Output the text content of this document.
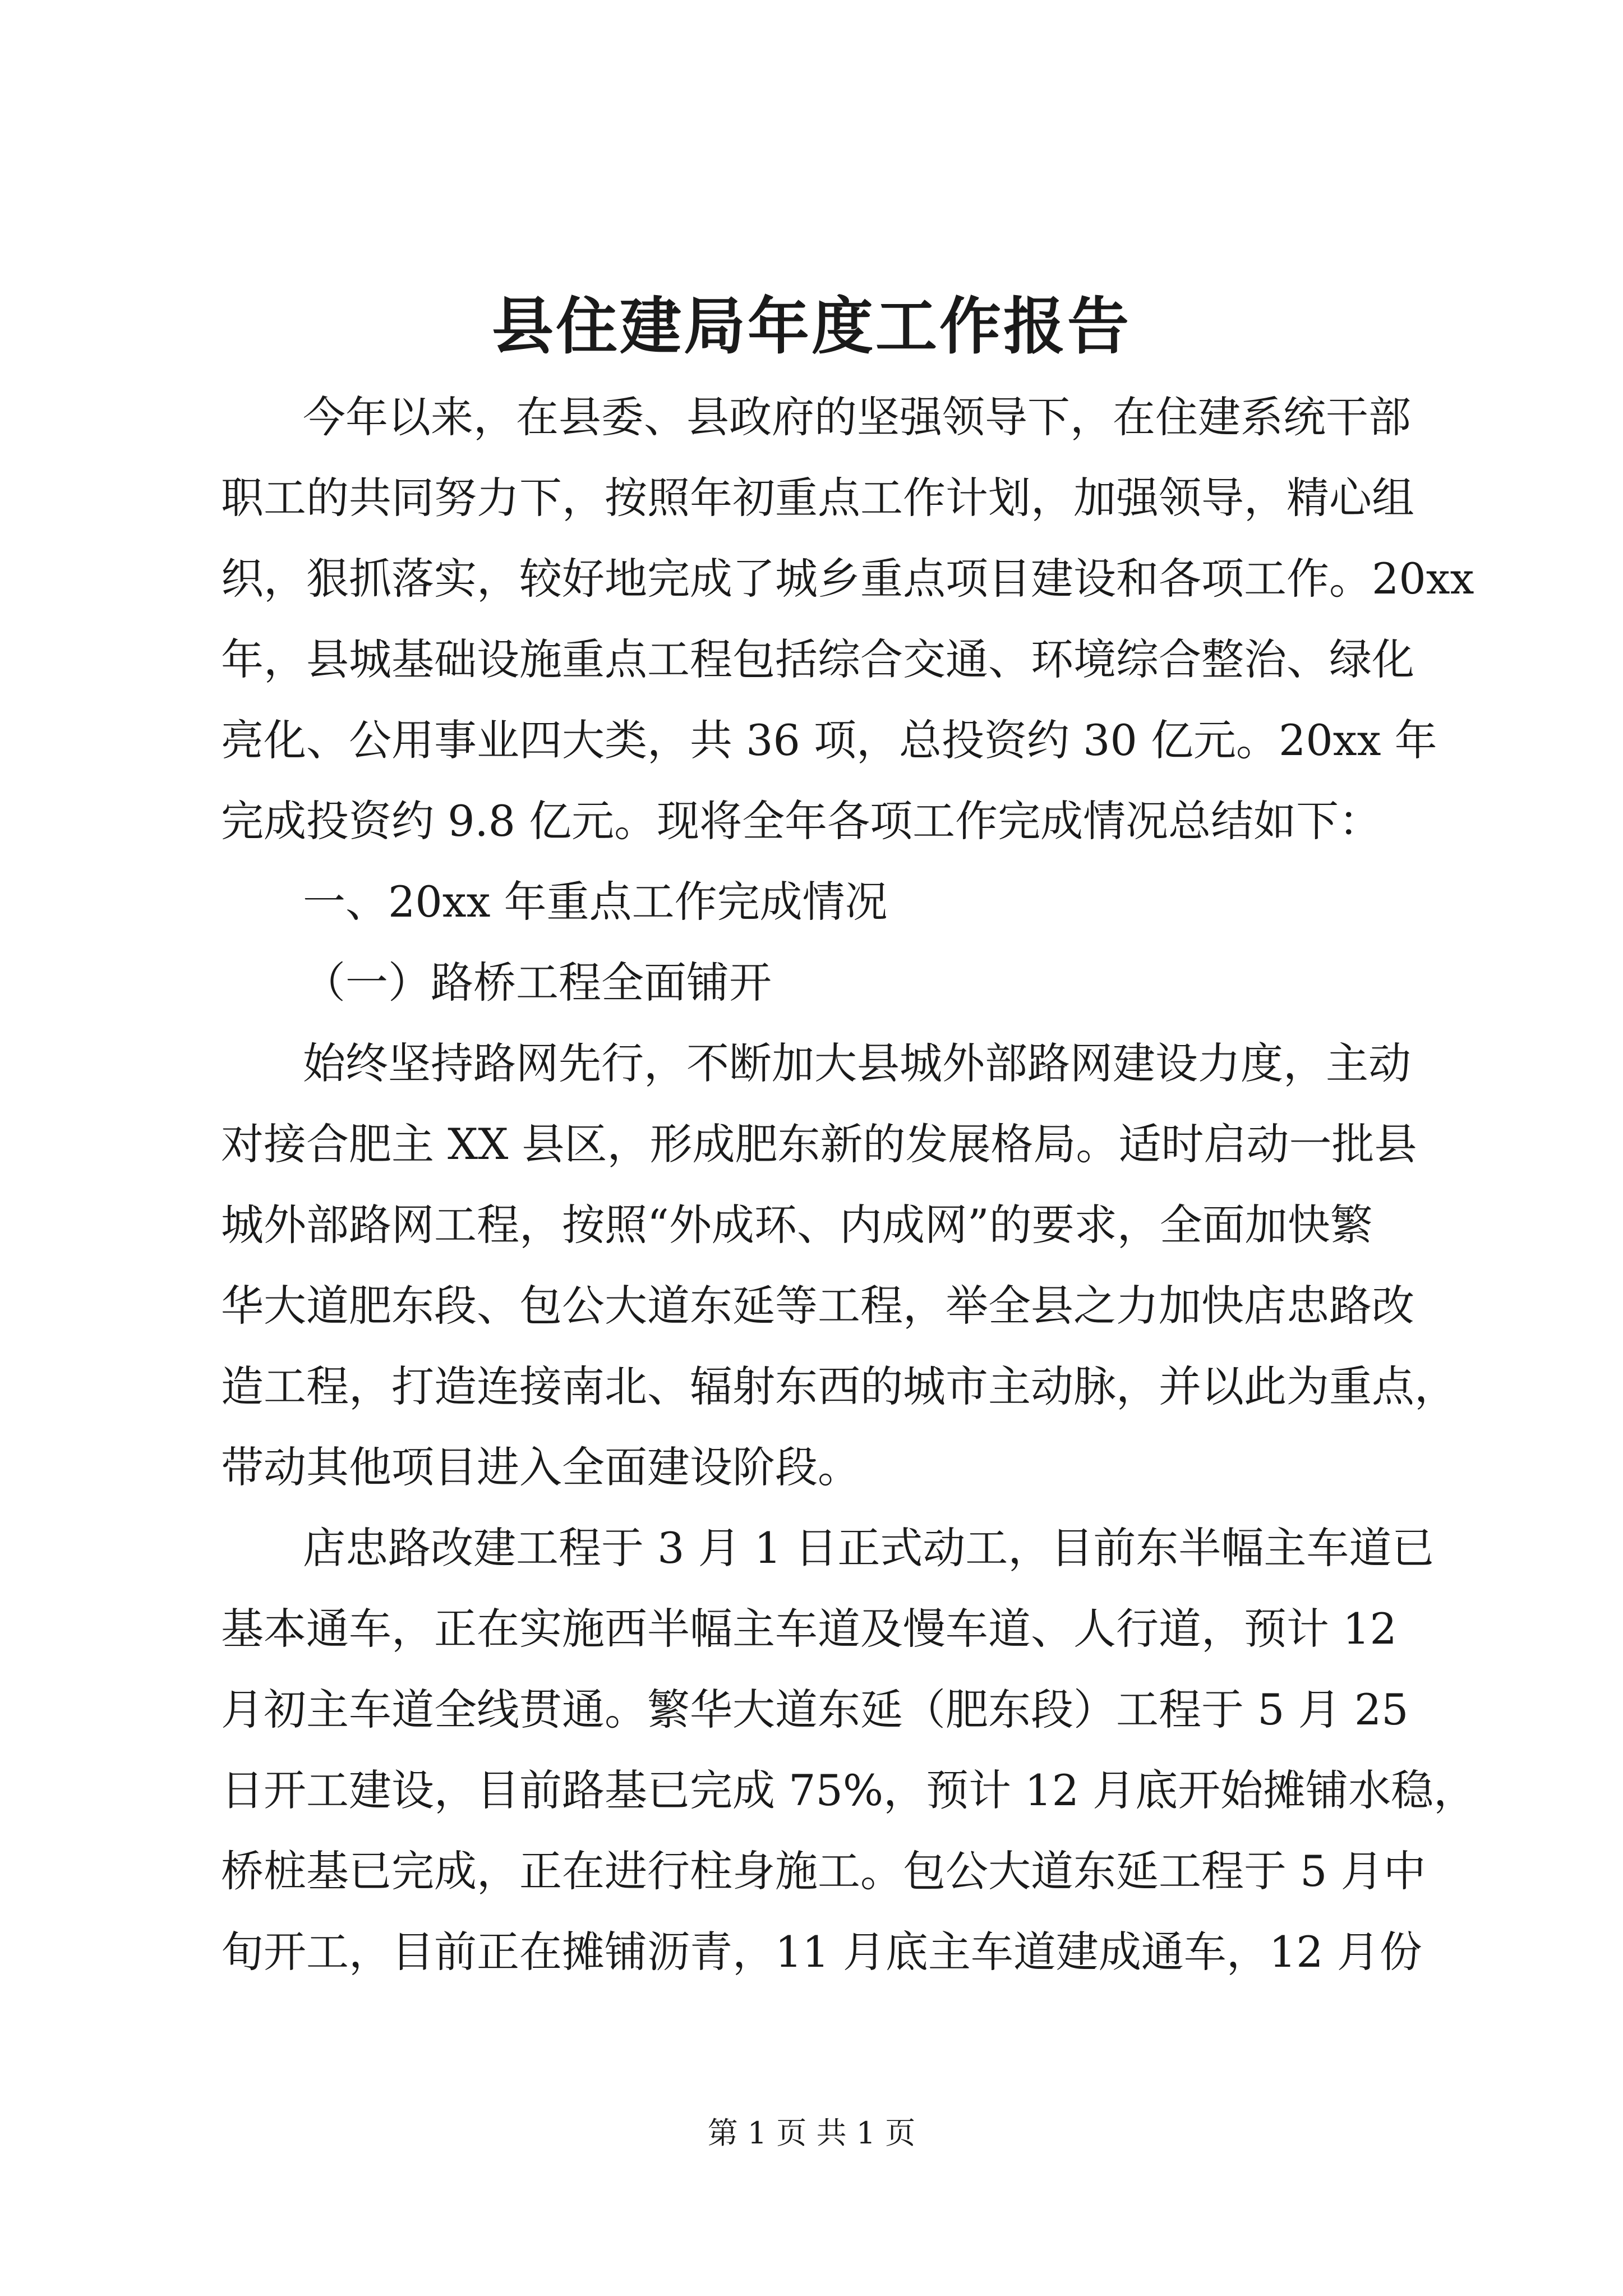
县住建局年度工作报告
今年以来，在县委、县政府的坚强领导下，在住建系统干部
职工的共同努力下，按照年初重点工作计划，加强领导，精心组
织，狠抓落实，较好地完成了城乡重点项目建设和各项工作。20xx
年，县城基础设施重点工程包括综合交通、环境综合整治、绿化
亮化、公用事业四大类，共 36 项，总投资约 30 亿元。20xx 年
完成投资约 9.8 亿元。现将全年各项工作完成情况总结如下：
一、20xx 年重点工作完成情况
（一）路桥工程全面铺开
始终坚持路网先行，不断加大县城外部路网建设力度，主动
对接合肥主 XX 县区，形成肥东新的发展格局。适时启动一批县
城外部路网工程，按照“外成环、内成网”的要求，全面加快繁
华大道肥东段、包公大道东延等工程，举全县之力加快店忠路改
造工程，打造连接南北、辐射东西的城市主动脉，并以此为重点，
带动其他项目进入全面建设阶段。
店忠路改建工程于 3 月 1 日正式动工，目前东半幅主车道已
基本通车，正在实施西半幅主车道及慢车道、人行道，预计 12
月初主车道全线贯通。繁华大道东延（肥东段）工程于 5 月 25
日开工建设，目前路基已完成 75%，预计 12 月底开始摊铺水稳，
桥桩基已完成，正在进行柱身施工。包公大道东延工程于 5 月中
旬开工，目前正在摊铺沥青，11 月底主车道建成通车，12 月份
第 1 页 共 1 页
